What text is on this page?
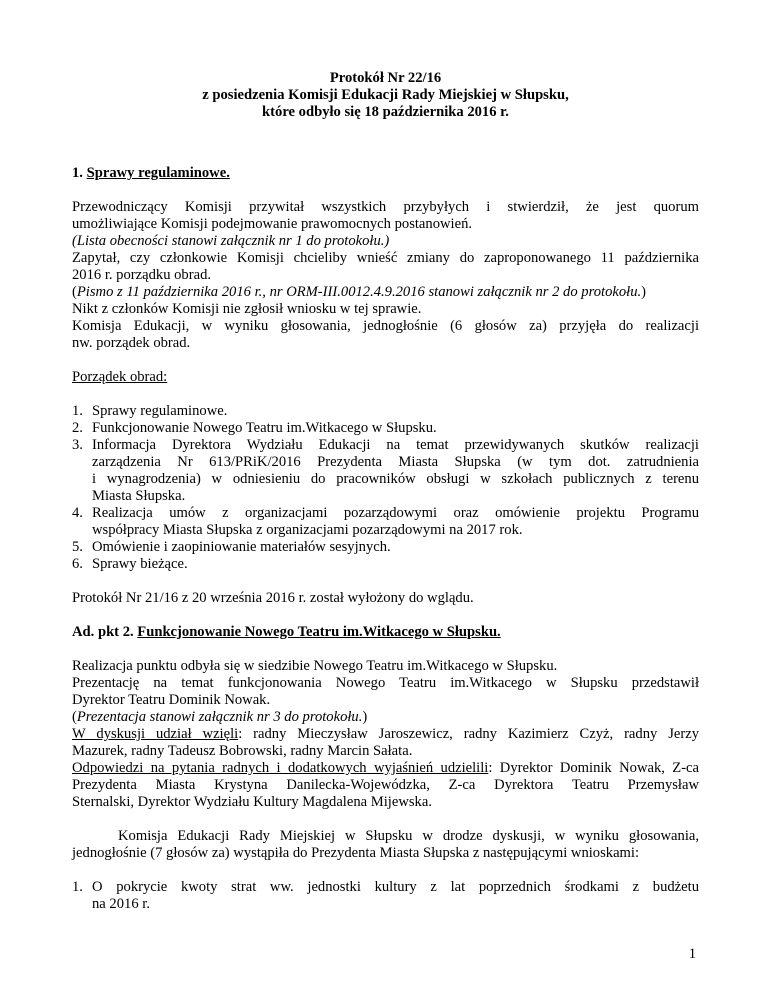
Protokół Nr 22/16
z posiedzenia Komisji Edukacji Rady Miejskiej w Słupsku,
które odbyło się 18 października 2016 r.
1. Sprawy regulaminowe.
Przewodniczący Komisji przywitał wszystkich przybyłych i stwierdził, że jest quorum
umożliwiające Komisji podejmowanie prawomocnych postanowień.
(Lista obecności stanowi załącznik nr 1 do protokołu.)
Zapytał, czy członkowie Komisji chcieliby wnieść zmiany do zaproponowanego 11 października
2016 r. porządku obrad.
(Pismo z 11 października 2016 r., nr ORM-III.0012.4.9.2016 stanowi załącznik nr 2 do protokołu.)
Nikt z członków Komisji nie zgłosił wniosku w tej sprawie.
Komisja Edukacji, w wyniku głosowania, jednogłośnie (6 głosów za) przyjęła do realizacji
nw. porządek obrad.
Porządek obrad:
1. Sprawy regulaminowe.
2. Funkcjonowanie Nowego Teatru im.Witkacego w Słupsku.
3. Informacja Dyrektora Wydziału Edukacji na temat przewidywanych skutków realizacji
zarządzenia Nr 613/PRiK/2016 Prezydenta Miasta Słupska (w tym dot. zatrudnienia
i wynagrodzenia) w odniesieniu do pracowników obsługi w szkołach publicznych z terenu
Miasta Słupska.
4. Realizacja umów z organizacjami pozarządowymi oraz omówienie projektu Programu
współpracy Miasta Słupska z organizacjami pozarządowymi na 2017 rok.
5. Omówienie i zaopiniowanie materiałów sesyjnych.
6. Sprawy bieżące.
Protokół Nr 21/16 z 20 września 2016 r. został wyłożony do wglądu.
Ad. pkt 2. Funkcjonowanie Nowego Teatru im.Witkacego w Słupsku.
Realizacja punktu odbyła się w siedzibie Nowego Teatru im.Witkacego w Słupsku.
Prezentację na temat funkcjonowania Nowego Teatru im.Witkacego w Słupsku przedstawił
Dyrektor Teatru Dominik Nowak.
(Prezentacja stanowi załącznik nr 3 do protokołu.)
W dyskusji udział wzięli: radny Mieczysław Jaroszewicz, radny Kazimierz Czyż, radny Jerzy
Mazurek, radny Tadeusz Bobrowski, radny Marcin Sałata.
Odpowiedzi na pytania radnych i dodatkowych wyjaśnień udzielili: Dyrektor Dominik Nowak, Z-ca
Prezydenta Miasta Krystyna Danilecka-Wojewódzka, Z-ca Dyrektora Teatru Przemysław
Sternalski, Dyrektor Wydziału Kultury Magdalena Mijewska.
Komisja Edukacji Rady Miejskiej w Słupsku w drodze dyskusji, w wyniku głosowania,
jednogłośnie (7 głosów za) wystąpiła do Prezydenta Miasta Słupska z następującymi wnioskami:
1. O pokrycie kwoty strat ww. jednostki kultury z lat poprzednich środkami z budżetu
na 2016 r.
1
